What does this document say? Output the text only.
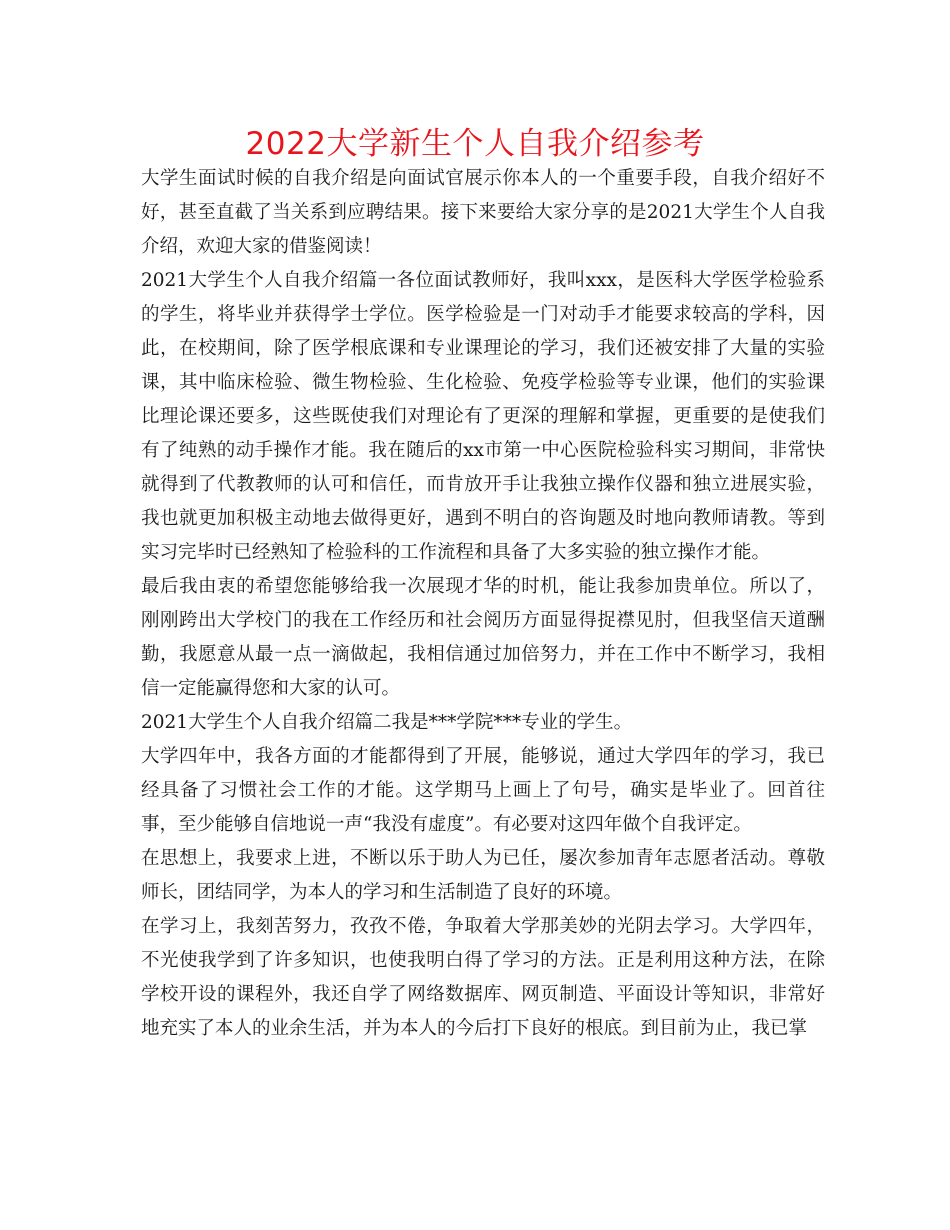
2022大学新生个人自我介绍参考

大学生面试时候的自我介绍是向面试官展示你本人的一个重要手段，自我介绍好不好，甚至直截了当关系到应聘结果。接下来要给大家分享的是2021大学生个人自我介绍，欢迎大家的借鉴阅读！

2021大学生个人自我介绍篇一各位面试教师好，我叫xxx，是医科大学医学检验系的学生，将毕业并获得学士学位。医学检验是一门对动手才能要求较高的学科，因此，在校期间，除了医学根底课和专业课理论的学习，我们还被安排了大量的实验课，其中临床检验、微生物检验、生化检验、免疫学检验等专业课，他们的实验课比理论课还要多，这些既使我们对理论有了更深的理解和掌握，更重要的是使我们有了纯熟的动手操作才能。我在随后的xx市第一中心医院检验科实习期间，非常快就得到了代教教师的认可和信任，而肯放开手让我独立操作仪器和独立进展实验，我也就更加积极主动地去做得更好，遇到不明白的咨询题及时地向教师请教。等到实习完毕时已经熟知了检验科的工作流程和具备了大多实验的独立操作才能。

最后我由衷的希望您能够给我一次展现才华的时机，能让我参加贵单位。所以了，刚刚跨出大学校门的我在工作经历和社会阅历方面显得捉襟见肘，但我坚信天道酬勤，我愿意从最一点一滴做起，我相信通过加倍努力，并在工作中不断学习，我相信一定能赢得您和大家的认可。

2021大学生个人自我介绍篇二我是***学院***专业的学生。

大学四年中，我各方面的才能都得到了开展，能够说，通过大学四年的学习，我已经具备了习惯社会工作的才能。这学期马上画上了句号，确实是毕业了。回首往事，至少能够自信地说一声“我没有虚度”。有必要对这四年做个自我评定。

在思想上，我要求上进，不断以乐于助人为已任，屡次参加青年志愿者活动。尊敬师长，团结同学，为本人的学习和生活制造了良好的环境。

在学习上，我刻苦努力，孜孜不倦，争取着大学那美妙的光阴去学习。大学四年，不光使我学到了许多知识，也使我明白得了学习的方法。正是利用这种方法，在除学校开设的课程外，我还自学了网络数据库、网页制造、平面设计等知识，非常好地充实了本人的业余生活，并为本人的今后打下良好的根底。到目前为止，我已掌
